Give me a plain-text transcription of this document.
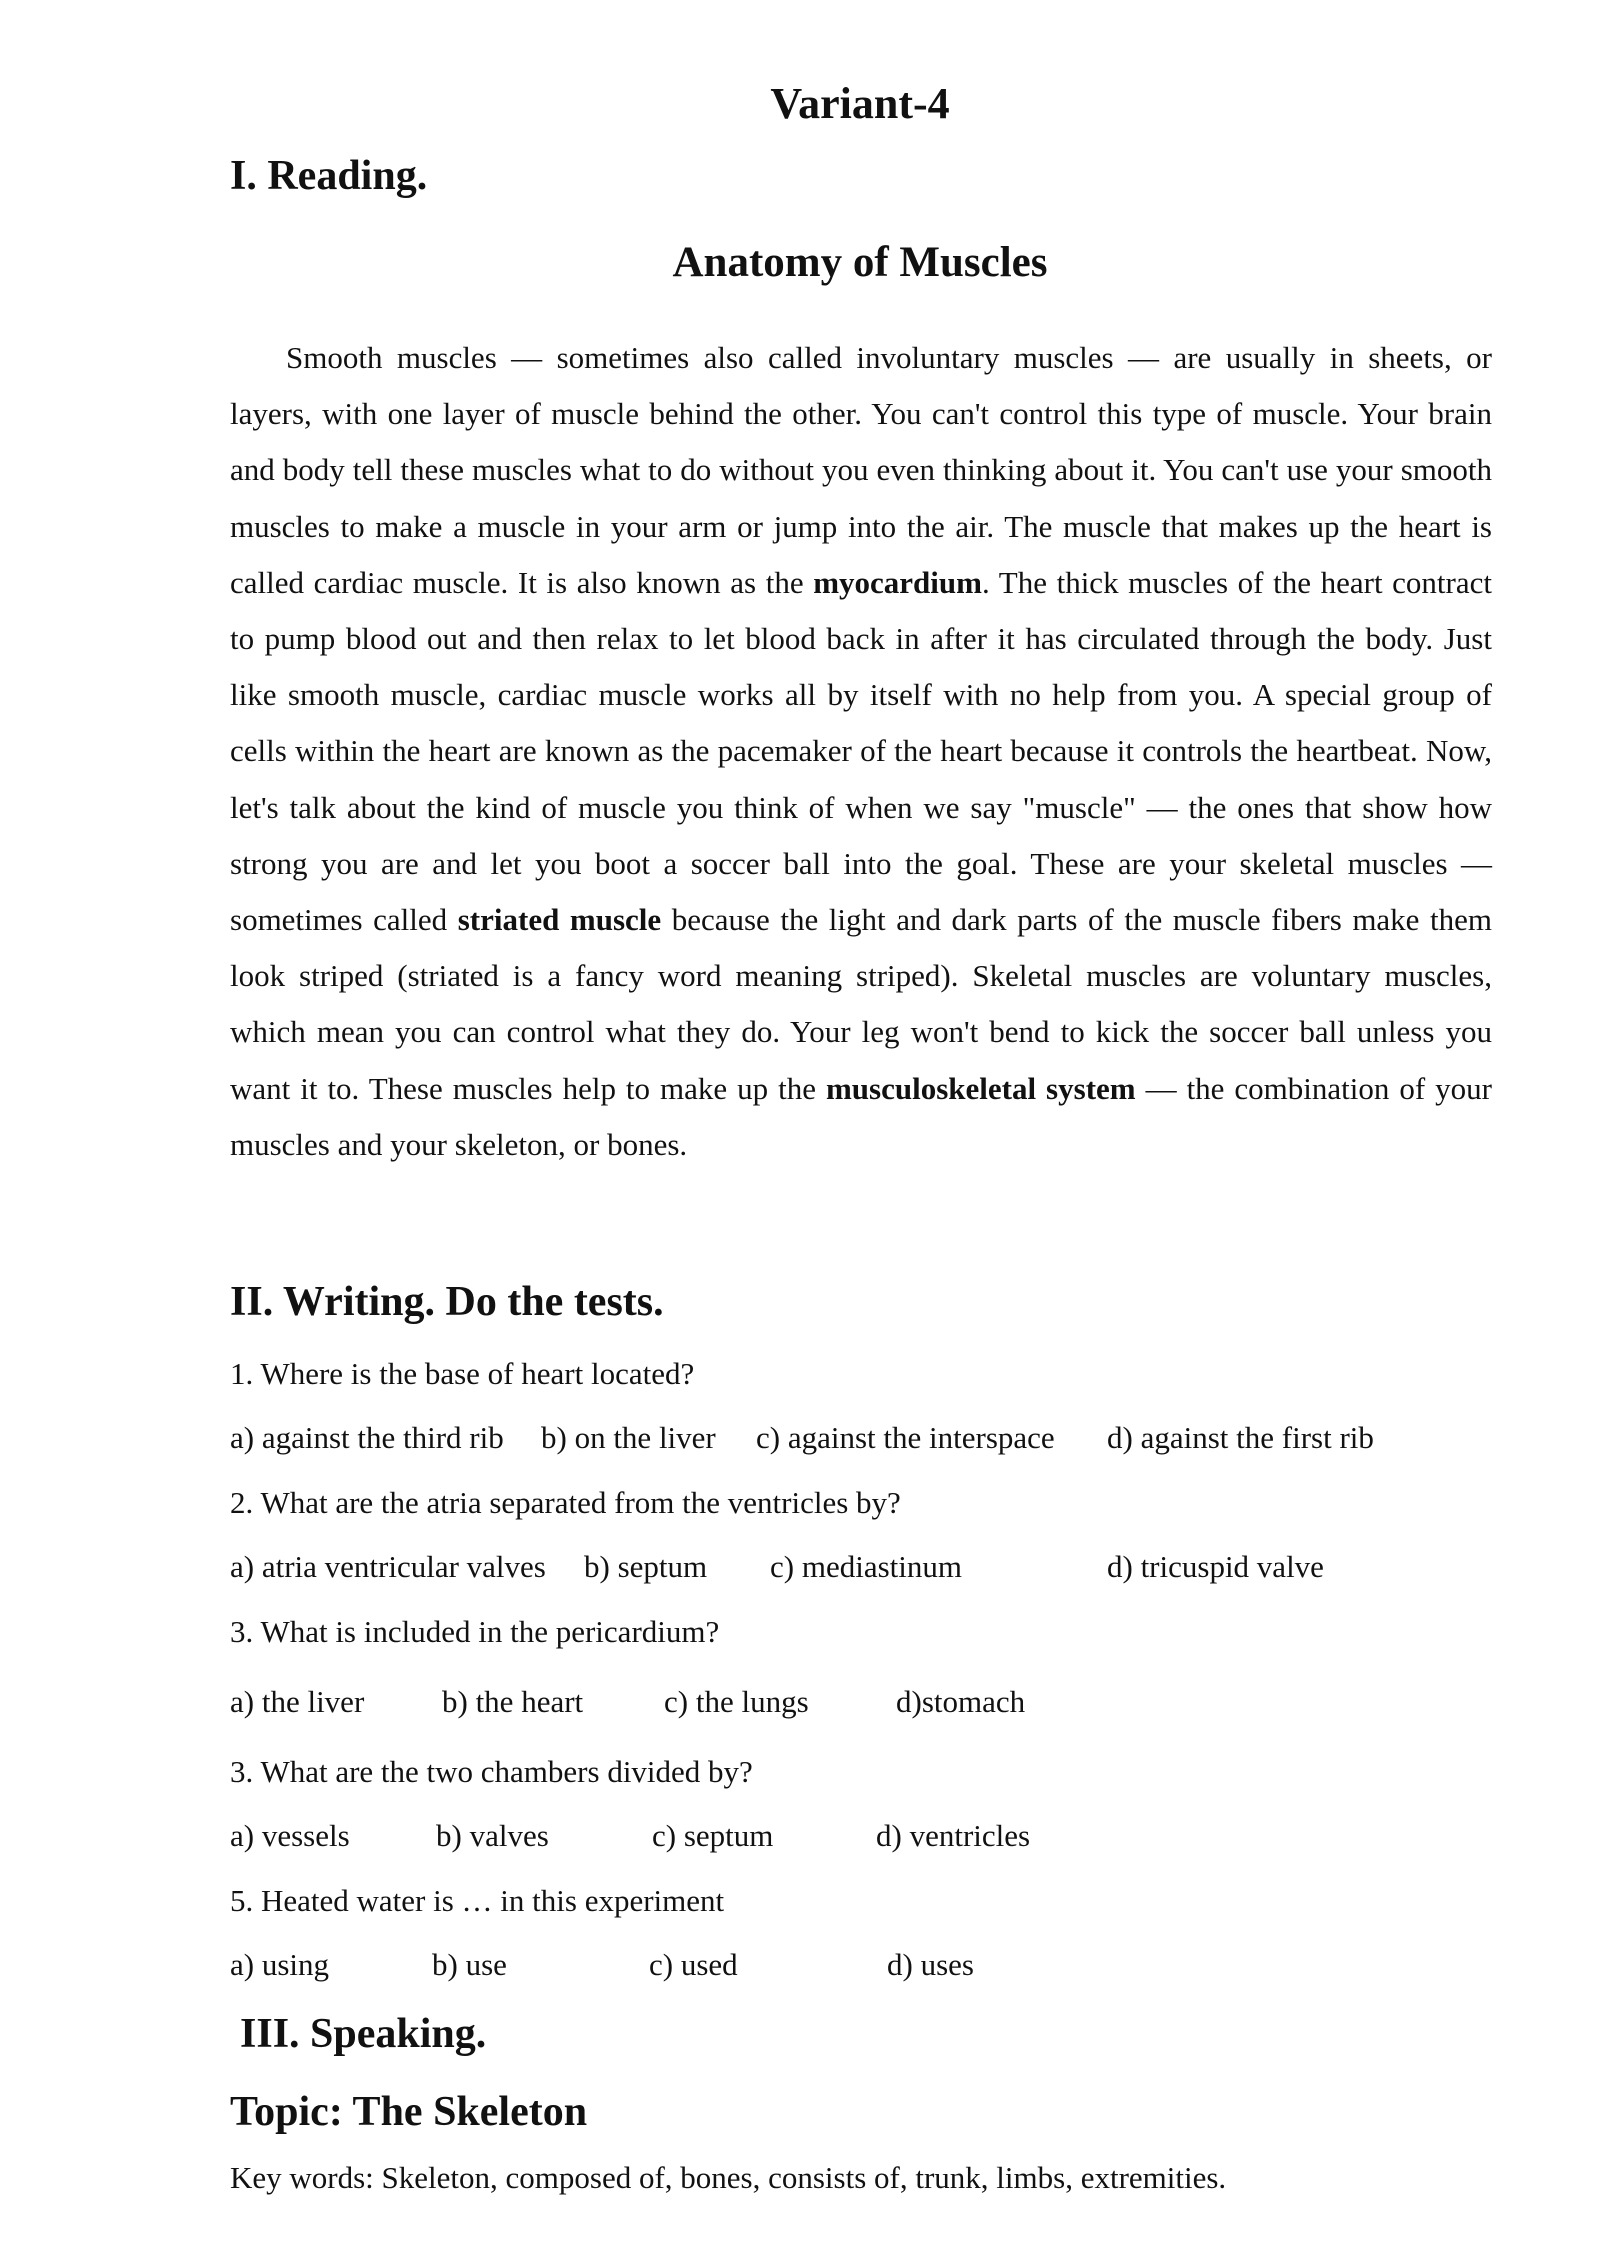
Variant-4
I. Reading.
Anatomy of Muscles

Smooth muscles — sometimes also called involuntary muscles — are usually in sheets, or layers, with one layer of muscle behind the other. You can't control this type of muscle. Your brain and body tell these muscles what to do without you even thinking about it. You can't use your smooth muscles to make a muscle in your arm or jump into the air. The muscle that makes up the heart is called cardiac muscle. It is also known as the myocardium. The thick muscles of the heart contract to pump blood out and then relax to let blood back in after it has circulated through the body. Just like smooth muscle, cardiac muscle works all by itself with no help from you. A special group of cells within the heart are known as the pacemaker of the heart because it controls the heartbeat. Now, let's talk about the kind of muscle you think of when we say "muscle" — the ones that show how strong you are and let you boot a soccer ball into the goal. These are your skeletal muscles — sometimes called striated muscle because the light and dark parts of the muscle fibers make them look striped (striated is a fancy word meaning striped). Skeletal muscles are voluntary muscles, which mean you can control what they do. Your leg won't bend to kick the soccer ball unless you want it to. These muscles help to make up the musculoskeletal system — the combination of your muscles and your skeleton, or bones.

II. Writing. Do the tests.
1. Where is the base of heart located?
a) against the third rib b) on the liver c) against the interspace d) against the first rib
2. What are the atria separated from the ventricles by?
a) atria ventricular valves b) septum c) mediastinum	d) tricuspid valve
3. What is included in the pericardium?
a) the liver	b) the heart	c) the lungs	d)stomach
3. What are the two chambers divided by?
a) vessels	b) valves	c) septum	d) ventricles
5. Heated water is … in this experiment
a) using	b) use	c) used	d) uses
III. Speaking.
Topic: The Skeleton
Key words: Skeleton, composed of, bones, consists of, trunk, limbs, extremities.
